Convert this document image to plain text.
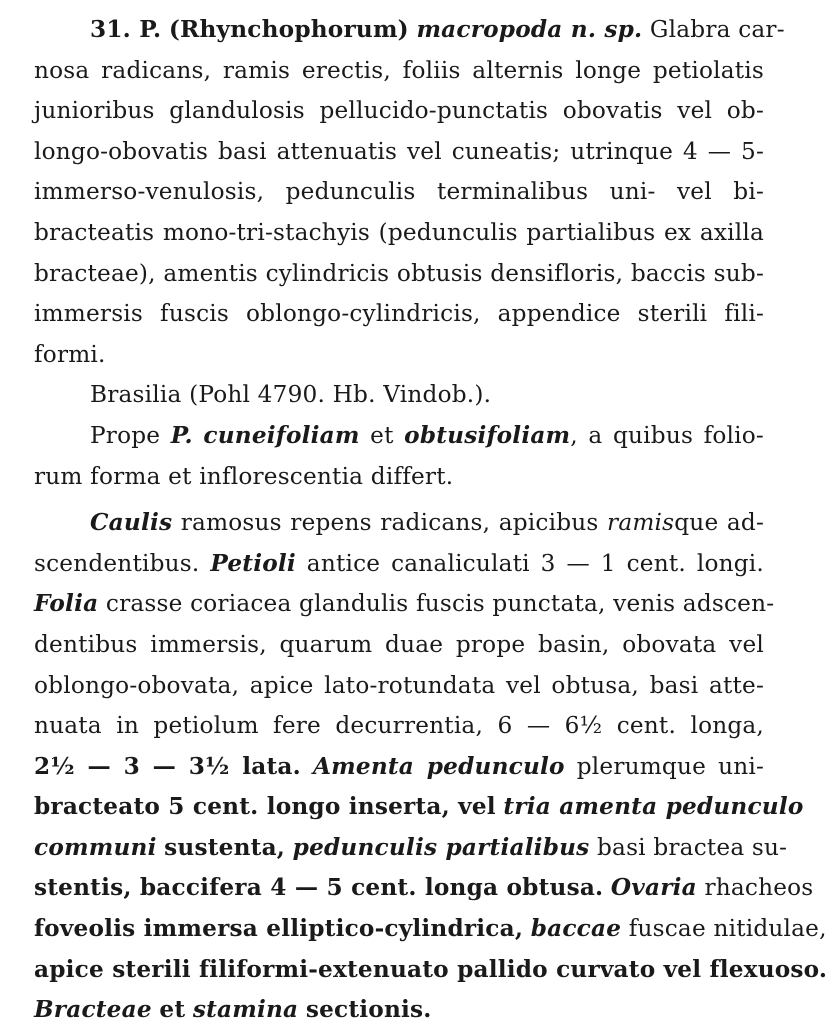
31. P. (Rhynchophorum) macropoda n. sp. Glabra car-
nosa radicans, ramis erectis, foliis alternis longe petiolatis
junioribus glandulosis pellucido-punctatis obovatis vel ob-
longo-obovatis basi attenuatis vel cuneatis; utrinque 4 — 5-
immerso-venulosis, pedunculis terminalibus uni- vel bi-
bracteatis mono-tri-stachyis (pedunculis partialibus ex axilla
bracteae), amentis cylindricis obtusis densifloris, baccis sub-
immersis fuscis oblongo-cylindricis, appendice sterili fili-
formi.
Brasilia (Pohl 4790. Hb. Vindob.).
Prope P. cuneifoliam et obtusifoliam, a quibus folio-
rum forma et inflorescentia differt.
Caulis ramosus repens radicans, apicibus ramisque ad-
scendentibus. Petioli antice canaliculati 3 — 1 cent. longi.
Folia crasse coriacea glandulis fuscis punctata, venis adscen-
dentibus immersis, quarum duae prope basin, obovata vel
oblongo-obovata, apice lato-rotundata vel obtusa, basi atte-
nuata in petiolum fere decurrentia, 6 — 6½ cent. longa,
2½ — 3 — 3½ lata. Amenta pedunculo plerumque uni-
bracteato 5 cent. longo inserta, vel tria amenta pedunculo
communi sustenta, pedunculis partialibus basi bractea su-
stentis, baccifera 4 — 5 cent. longa obtusa. Ovaria rhacheos
foveolis immersa elliptico-cylindrica, baccae fuscae nitidulae,
apice sterili filiformi-extenuato pallido curvato vel flexuoso.
Bracteae et stamina sectionis.
